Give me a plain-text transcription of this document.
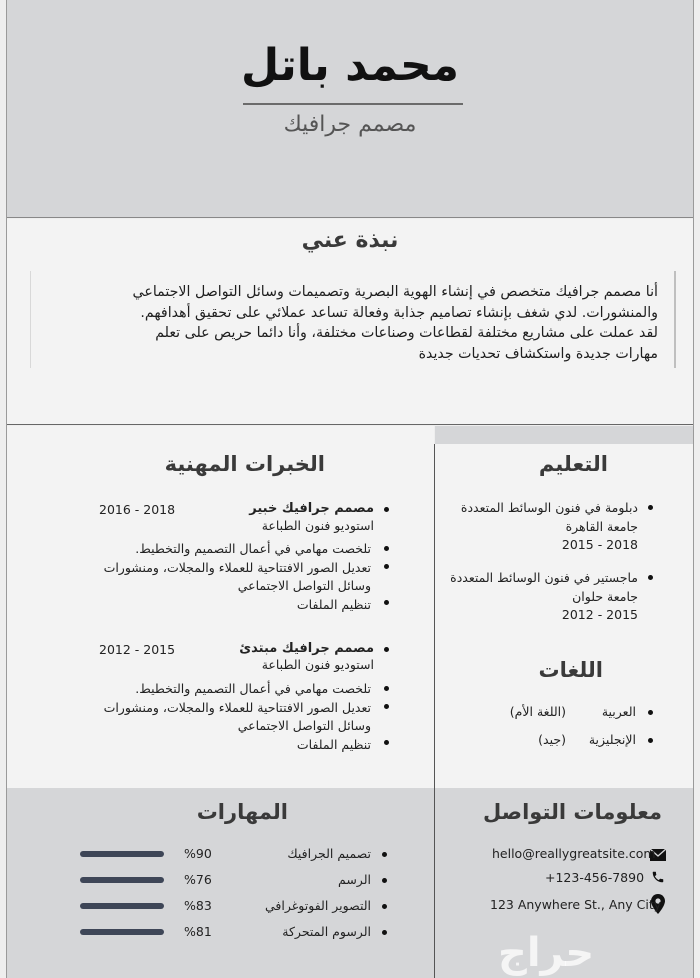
محمد باتل
مصمم جرافيك
نبذة عني
أنا مصمم جرافيك متخصص في إنشاء الهوية البصرية وتصميمات وسائل التواصل الاجتماعي
والمنشورات. لدي شغف بإنشاء تصاميم جذابة وفعالة تساعد عملائي على تحقيق أهدافهم.
لقد عملت على مشاريع مختلفة لقطاعات وصناعات مختلفة، وأنا دائما حريص على تعلم
مهارات جديدة واستكشاف تحديات جديدة
الخبرات المهنية
مصمم جرافيك خبير
2016 - 2018
استوديو فنون الطباعة
تلخصت مهامي في أعمال التصميم والتخطيط.
تعديل الصور الافتتاحية للعملاء والمجلات، ومنشورات
وسائل التواصل الاجتماعي
تنظيم الملفات
مصمم جرافيك مبتدئ
2012 - 2015
استوديو فنون الطباعة
تلخصت مهامي في أعمال التصميم والتخطيط.
تعديل الصور الافتتاحية للعملاء والمجلات، ومنشورات
وسائل التواصل الاجتماعي
تنظيم الملفات
التعليم
دبلومة في فنون الوسائط المتعددة
جامعة القاهرة
2015 - 2018
ماجستير في فنون الوسائط المتعددة
جامعة حلوان
2012 - 2015
اللغات
العربية
(اللغة الأم)
الإنجليزية
(جيد)
معلومات التواصل
hello@reallygreatsite.com
+123-456-7890
123 Anywhere St., Any City
المهارات
تصميم الجرافيك
%90
الرسم
%76
التصوير الفوتوغرافي
%83
الرسوم المتحركة
%81	حراج
